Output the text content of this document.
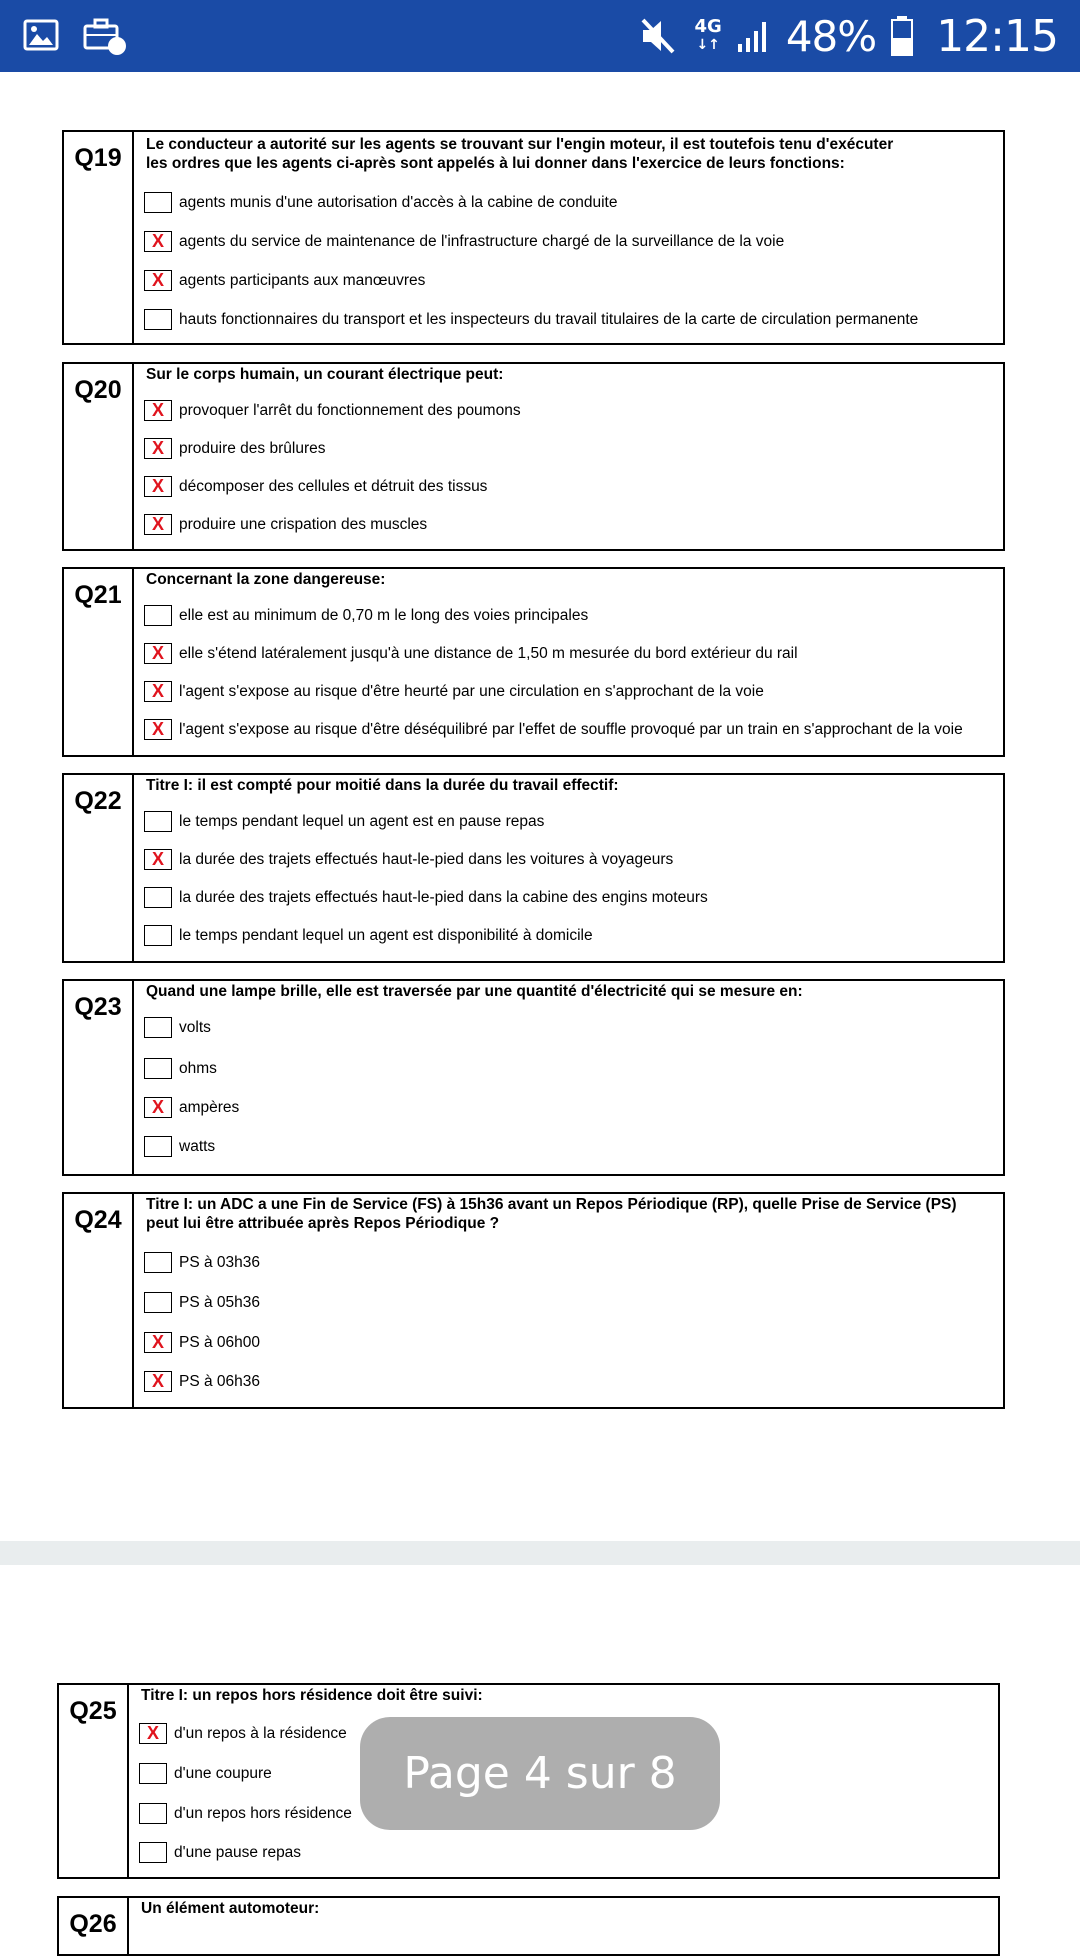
4G
↓↑ 48% 12:15
Q19	Le conducteur a autorité sur les agents se trouvant sur l'engin moteur, il est toutefois tenu d'exécuter
les ordres que les agents ci-après sont appelés à lui donner dans l'exercice de leurs fonctions:
agents munis d'une autorisation d'accès à la cabine de conduite
X agents du service de maintenance de l'infrastructure chargé de la surveillance de la voie
X agents participants aux manœuvres
hauts fonctionnaires du transport et les inspecteurs du travail titulaires de la carte de circulation permanente
Q20
Sur le corps humain, un courant électrique peut:
X provoquer l'arrêt du fonctionnement des poumons
X produire des brûlures
X décomposer des cellules et détruit des tissus
X produire une crispation des muscles
Q21
Concernant la zone dangereuse:
elle est au minimum de 0,70 m le long des voies principales
X elle s'étend latéralement jusqu'à une distance de 1,50 m mesurée du bord extérieur du rail
X l'agent s'expose au risque d'être heurté par une circulation en s'approchant de la voie
X l'agent s'expose au risque d'être déséquilibré par l'effet de souffle provoqué par un train en s'approchant de la voie
Q22
Titre I: il est compté pour moitié dans la durée du travail effectif:
le temps pendant lequel un agent est en pause repas
X la durée des trajets effectués haut-le-pied dans les voitures à voyageurs
la durée des trajets effectués haut-le-pied dans la cabine des engins moteurs
le temps pendant lequel un agent est disponibilité à domicile
Q23
Quand une lampe brille, elle est traversée par une quantité d'électricité qui se mesure en:
volts
ohms
X ampères
watts
Q24
Titre I: un ADC a une Fin de Service (FS) à 15h36 avant un Repos Périodique (RP), quelle Prise de Service (PS)
peut lui être attribuée après Repos Périodique ?
PS à 03h36
PS à 05h36
X PS à 06h00
X PS à 06h36
Q25
Titre I: un repos hors résidence doit être suivi:
X d'un repos à la résidence
d'une coupure
d'un repos hors résidence
d'une pause repas
Q26
Un élément automoteur:
Page 4 sur 8
